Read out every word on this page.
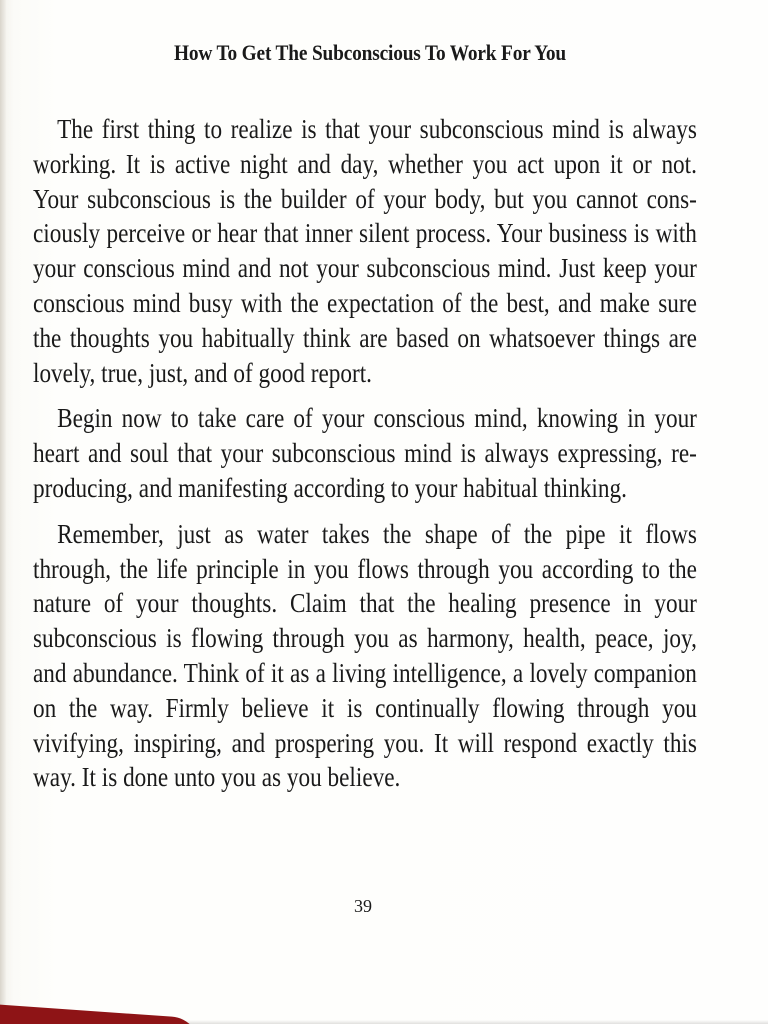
How To Get The Subconscious To Work For You

The first thing to realize is that your subconscious mind is always working. It is active night and day, whether you act upon it or not. Your subconscious is the builder of your body, but you cannot consciously perceive or hear that inner silent process. Your business is with your conscious mind and not your subconscious mind. Just keep your conscious mind busy with the expectation of the best, and make sure the thoughts you habitually think are based on whatsoever things are lovely, true, just, and of good report.

Begin now to take care of your conscious mind, knowing in your heart and soul that your subconscious mind is always expressing, reproducing, and manifesting according to your habitual thinking.

Remember, just as water takes the shape of the pipe it flows through, the life principle in you flows through you according to the nature of your thoughts. Claim that the healing presence in your subconscious is flowing through you as harmony, health, peace, joy, and abundance. Think of it as a living intelligence, a lovely companion on the way. Firmly believe it is continually flowing through you vivifying, inspiring, and prospering you. It will respond exactly this way. It is done unto you as you believe.

39
